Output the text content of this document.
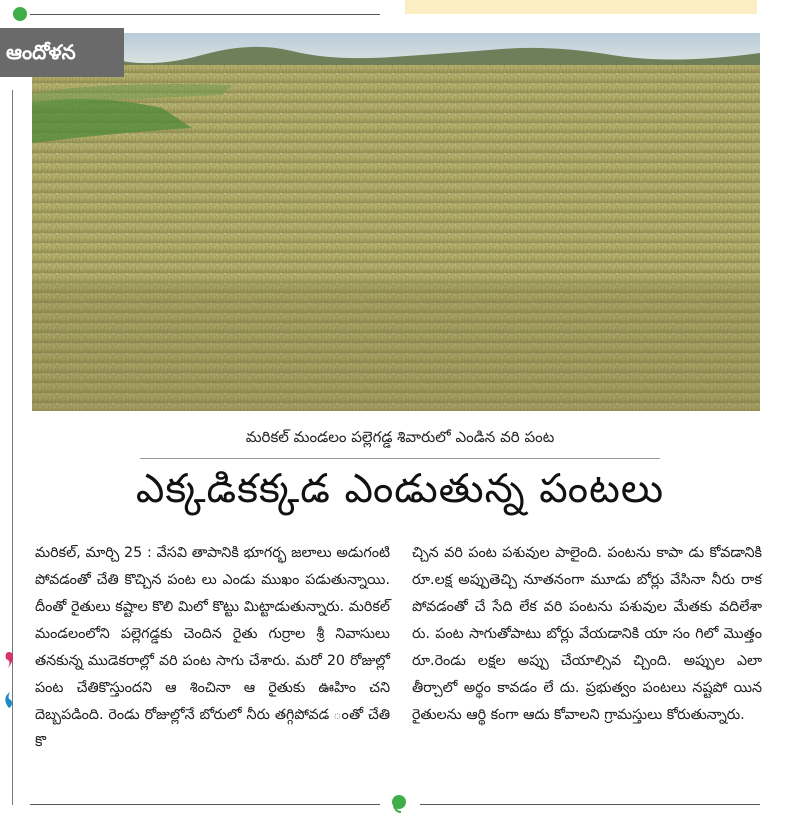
ఆందోళన
మరికల్ మండలం పల్లెగడ్డ శివారులో ఎండిన వరి పంట
ఎక్కడికక్కడ ఎండుతున్న పంటలు

మరికల్, మార్చి 25 : వేసవి తాపానికి భూగర్భ జలాలు అడుగంటి పోవడంతో చేతి కొచ్చిన పంట లు ఎండు ముఖం పడుతున్నాయి. దీంతో రైతులు కష్టాల కొలి మిలో కొట్టు మిట్టాడుతున్నారు. మరికల్ మండలంలోని పల్లెగడ్డకు చెందిన రైతు గుర్రాల శ్రీ నివాసులు తనకున్న ముడెకరాల్లో వరి పంట సాగు చేశారు. మరో 20 రోజుల్లో పంట చేతికొస్తుందని ఆ శించినా ఆ రైతుకు ఊహిం చని దెబ్బపడింది. రెండు రోజుల్లోనే బోరులో నీరు తగ్గిపోవడ ంతో చేతి కొ

చ్చిన వరి పంట పశువుల పాలైంది. పంటను కాపా డు కోవడానికి రూ.లక్ష అప్పుతెచ్చి నూతనంగా మూడు బోర్లు వేసినా నీరు రాక పోవడంతో చే సేది లేక వరి పంటను పశువుల మేతకు వదిలేశా రు. పంట సాగుతోపాటు బోర్లు వేయడానికి యా సం గిలో మొత్తం రూ.రెండు లక్షల అప్పు చేయాల్సివ చ్చింది. అప్పుల ఎలా తీర్చాలో అర్థం కావడం లే దు. ప్రభుత్వం పంటలు నష్టపో యిన రైతులను ఆర్థి కంగా ఆదు కోవాలని గ్రామస్తులు కోరుతున్నారు.
